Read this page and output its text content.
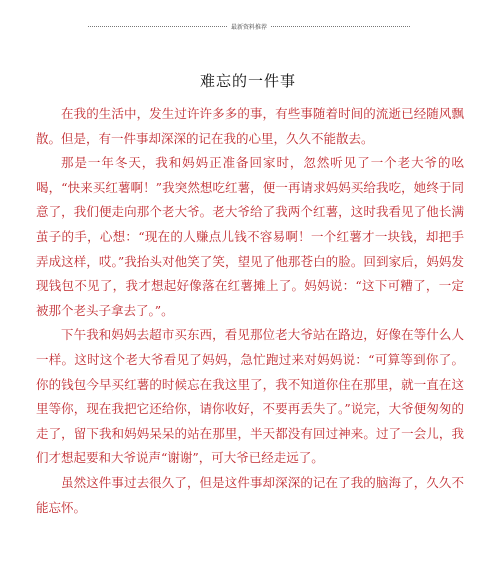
最新资料推荐
难忘的一件事

在我的生活中，发生过许许多多的事，有些事随着时间的流逝已经随风飘散。但是，有一件事却深深的记在我的心里，久久不能散去。

那是一年冬天，我和妈妈正准备回家时，忽然听见了一个老大爷的吆喝，“快来买红薯啊！”我突然想吃红薯，便一再请求妈妈买给我吃，她终于同意了，我们便走向那个老大爷。老大爷给了我两个红薯，这时我看见了他长满茧子的手，心想：“现在的人赚点儿钱不容易啊！一个红薯才一块钱，却把手弄成这样，哎。”我抬头对他笑了笑，望见了他那苍白的脸。回到家后，妈妈发现钱包不见了，我才想起好像落在红薯摊上了。妈妈说：“这下可糟了，一定被那个老头子拿去了。”。

下午我和妈妈去超市买东西，看见那位老大爷站在路边，好像在等什么人一样。这时这个老大爷看见了妈妈，急忙跑过来对妈妈说：“可算等到你了。你的钱包今早买红薯的时候忘在我这里了，我不知道你住在那里，就一直在这里等你，现在我把它还给你，请你收好，不要再丢失了。”说完，大爷便匆匆的走了，留下我和妈妈呆呆的站在那里，半天都没有回过神来。过了一会儿，我们才想起要和大爷说声“谢谢”，可大爷已经走远了。

虽然这件事过去很久了，但是这件事却深深的记在了我的脑海了，久久不能忘怀。
